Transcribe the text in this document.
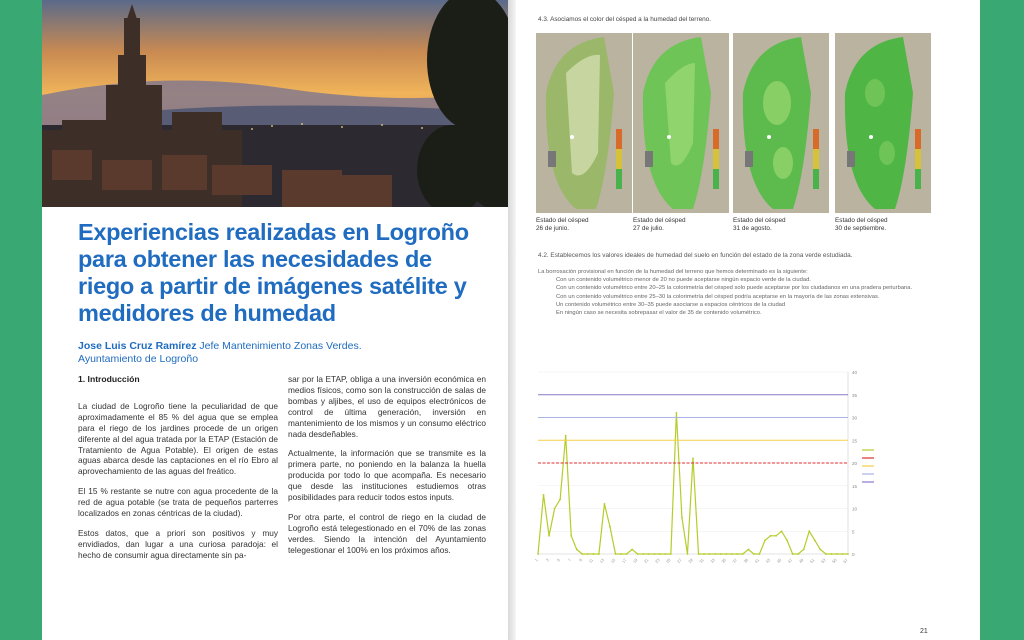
Experiencias realizadas en Logroño para obtener las necesidades de riego a partir de imágenes satélite y medidores de humedad
Jose Luis Cruz Ramírez Jefe Mantenimiento Zonas Verdes.
Ayuntamiento de Logroño
1. Introducción

La ciudad de Logroño tiene la peculiaridad de que aproximadamente el 85 % del agua que se emplea para el riego de los jardines procede de un origen diferente al del agua tratada por la ETAP (Estación de Tratamiento de Agua Potable). El origen de estas aguas abarca desde las captaciones en el río Ebro al aprovechamiento de las aguas del freático.

El 15 % restante se nutre con agua procedente de la red de agua potable (se trata de pequeños parterres localizados en zonas céntricas de la ciudad).

Estos datos, que a priori son positivos y muy envidiados, dan lugar a una curiosa paradoja: el hecho de consumir agua directamente sin pa-

sar por la ETAP, obliga a una inversión económica en medios físicos, como son la construcción de salas de bombas y aljibes, el uso de equipos electrónicos de control de última generación, inversión en mantenimiento de los mismos y un consumo eléctrico nada desdeñables.

Actualmente, la información que se transmite es la primera parte, no poniendo en la balanza la huella producida por todo lo que acompaña. Es necesario que desde las instituciones estudiemos otras posibilidades para reducir todos estos inputs.

Por otra parte, el control de riego en la ciudad de Logroño está telegestionado en el 70% de las zonas verdes. Siendo la intención del Ayuntamiento telegestionar el 100% en los próximos años.

4.3. Asociamos el color del césped a la humedad del terreno.
Estado del césped
26 de junio.
Estado del césped
27 de julio.
Estado del césped
31 de agosto.
Estado del césped
30 de septiembre.
4.2. Establecemos los valores ideales de humedad del suelo en función del estado de la zona verde estudiada.
La borrosación provisional en función de la humedad del terreno que hemos determinado es la siguiente:
Con un contenido volumétrico menor de 20 no puede aceptarse ningún espacio verde de la ciudad.
Con un contenido volumétrico entre 20–25 la colorimetría del césped solo puede aceptarse por los ciudadanos en una pradera periurbana.
Con un contenido volumétrico entre 25–30 la colorimetría del césped podría aceptarse en la mayoría de las zonas extensivas.
Un contenido volumétrico entre 30–35 puede asociarse a espacios céntricos de la ciudad
En ningún caso se necesita sobrepasar el valor de 35 de contenido volumétrico.
0
5
10
15
20
25
30
35
40
1 3 5 7 9 11 13 15 17 19 21 23 25 27 29 31 33 35 37 39 41 43 45 47 49 51 53 55 57
21
